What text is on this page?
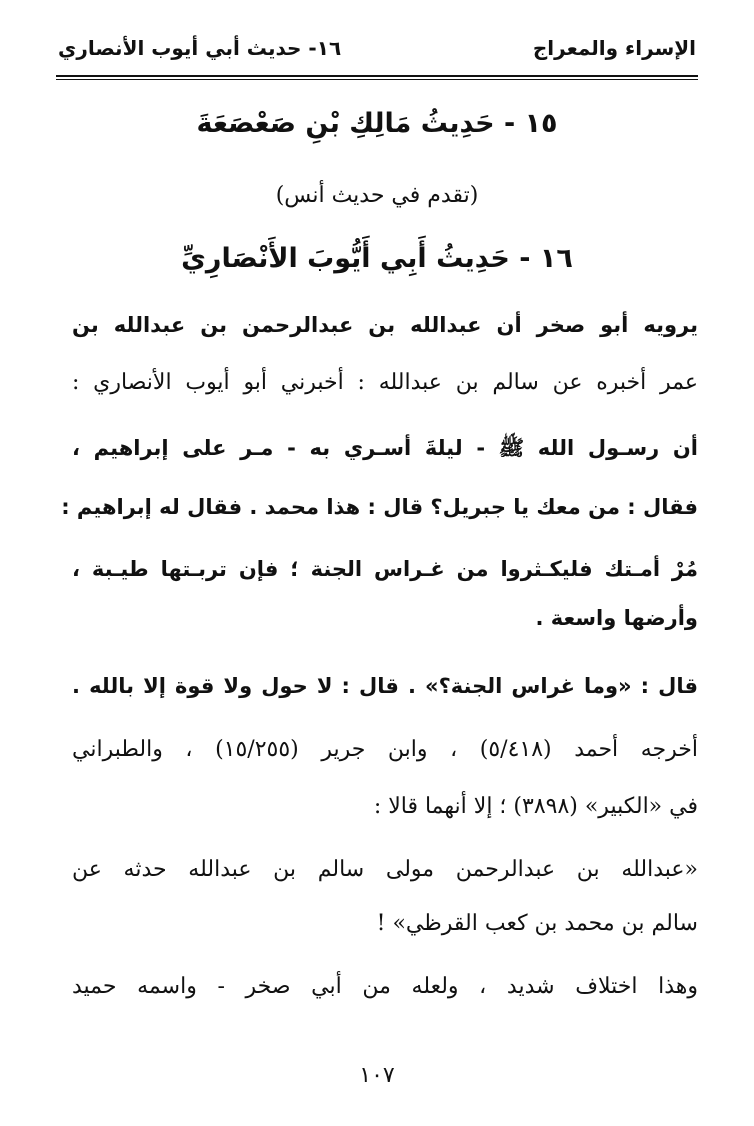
الإسراء والمعراج
١٦- حديث أبي أيوب الأنصاري
١٥ - حَدِيثُ مَالِكِ بْنِ صَعْصَعَةَ
(تقدم في حديث أنس)
١٦ - حَدِيثُ أَبِي أَيُّوبَ الأَنْصَارِيِّ
يرويه أبو صخر أن عبدالله بن عبدالرحمن بن عبدالله بن
عمر أخبره عن سالم بن عبدالله : أخبرني أبو أيوب الأنصاري :
أن رسـول الله ﷺ - ليلةَ أسـري به - مـر على إبراهيم ،
فقال : من معك يا جبريل؟ قال : هذا محمد . فقال له إبراهيم :
مُرْ أمـتك فليكـثروا من غـراس الجنة ؛ فإن تربـتها طيـبة ،
وأرضها واسعة .
قال : «وما غراس الجنة؟» . قال : لا حول ولا قوة إلا بالله .
أخرجه أحمد (٥/٤١٨) ، وابن جرير (١٥/٢٥٥) ، والطبراني
في «الكبير» (٣٨٩٨) ؛ إلا أنهما قالا :
«عبدالله بن عبدالرحمن مولى سالم بن عبدالله حدثه عن
سالم بن محمد بن كعب القرظي» !
وهذا اختلاف شديد ، ولعله من أبي صخر - واسمه حميد
١٠٧
